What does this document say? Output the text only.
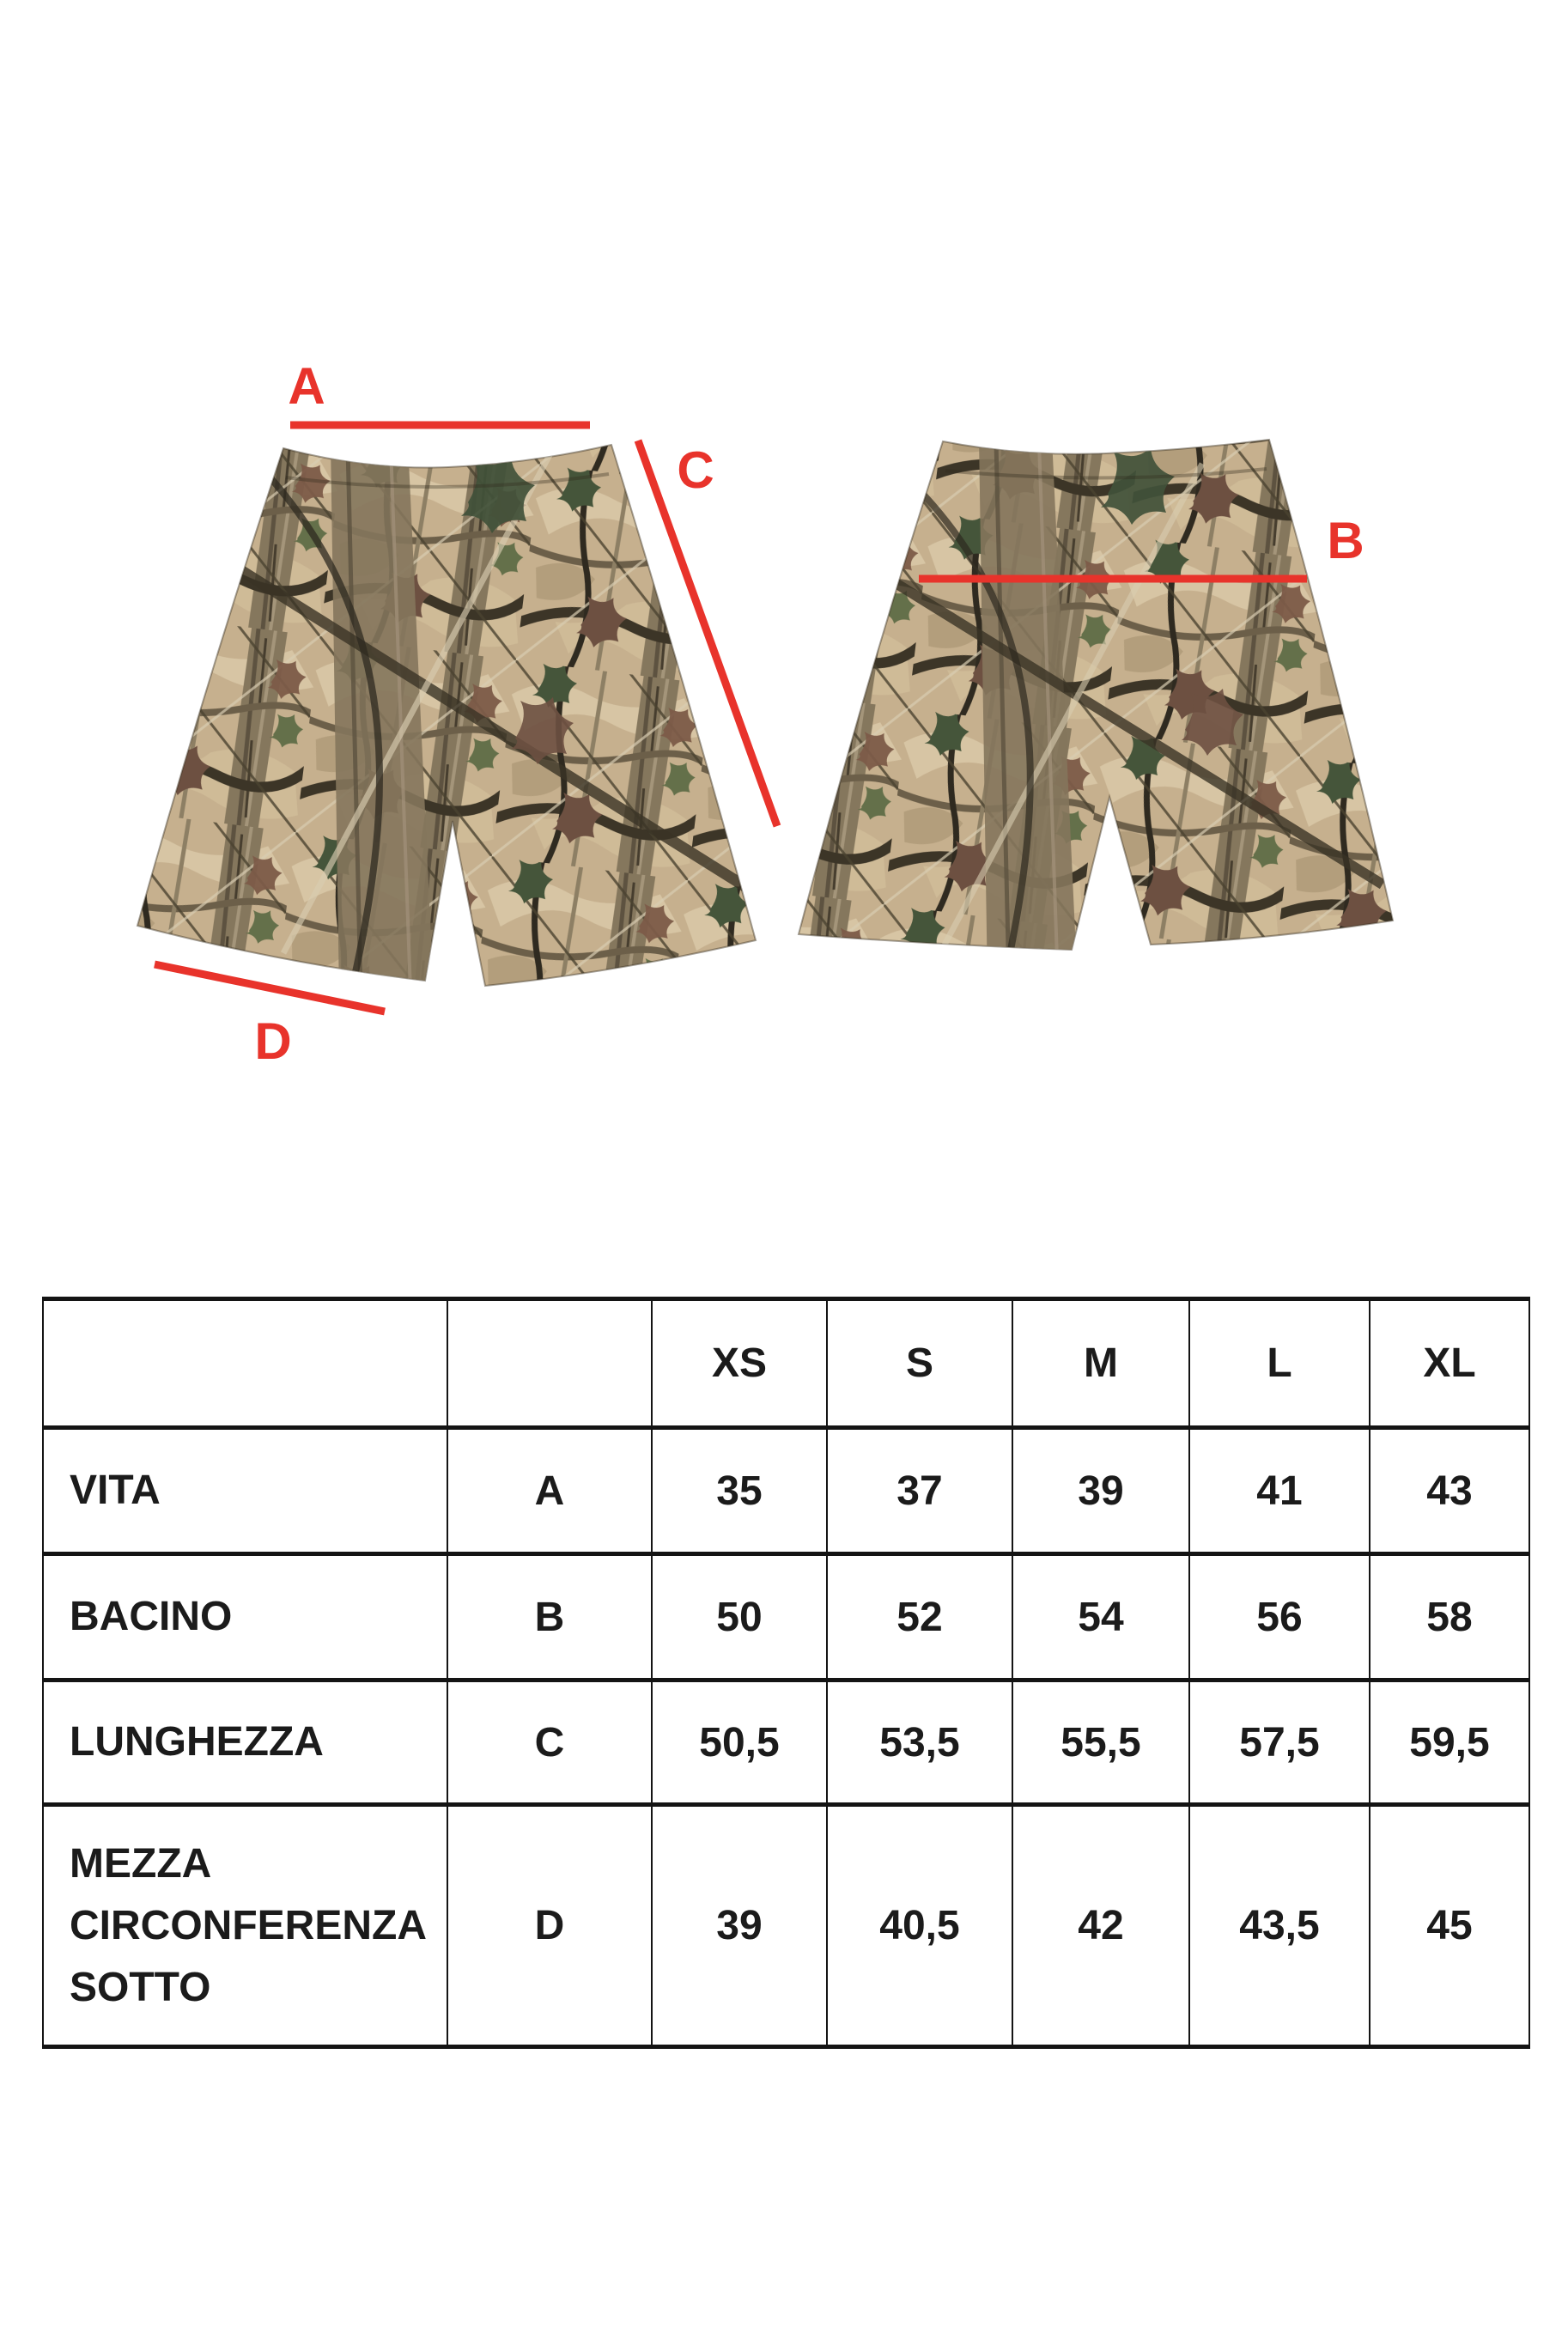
A
C
D
B
		XS	S	M	L	XL
VITA	A	35	37	39	41	43
BACINO	B	50	52	54	56	58
LUNGHEZZA	C	50,5	53,5	55,5	57,5	59,5
MEZZA CIRCONFERENZA SOTTO	D	39	40,5	42	43,5	45
